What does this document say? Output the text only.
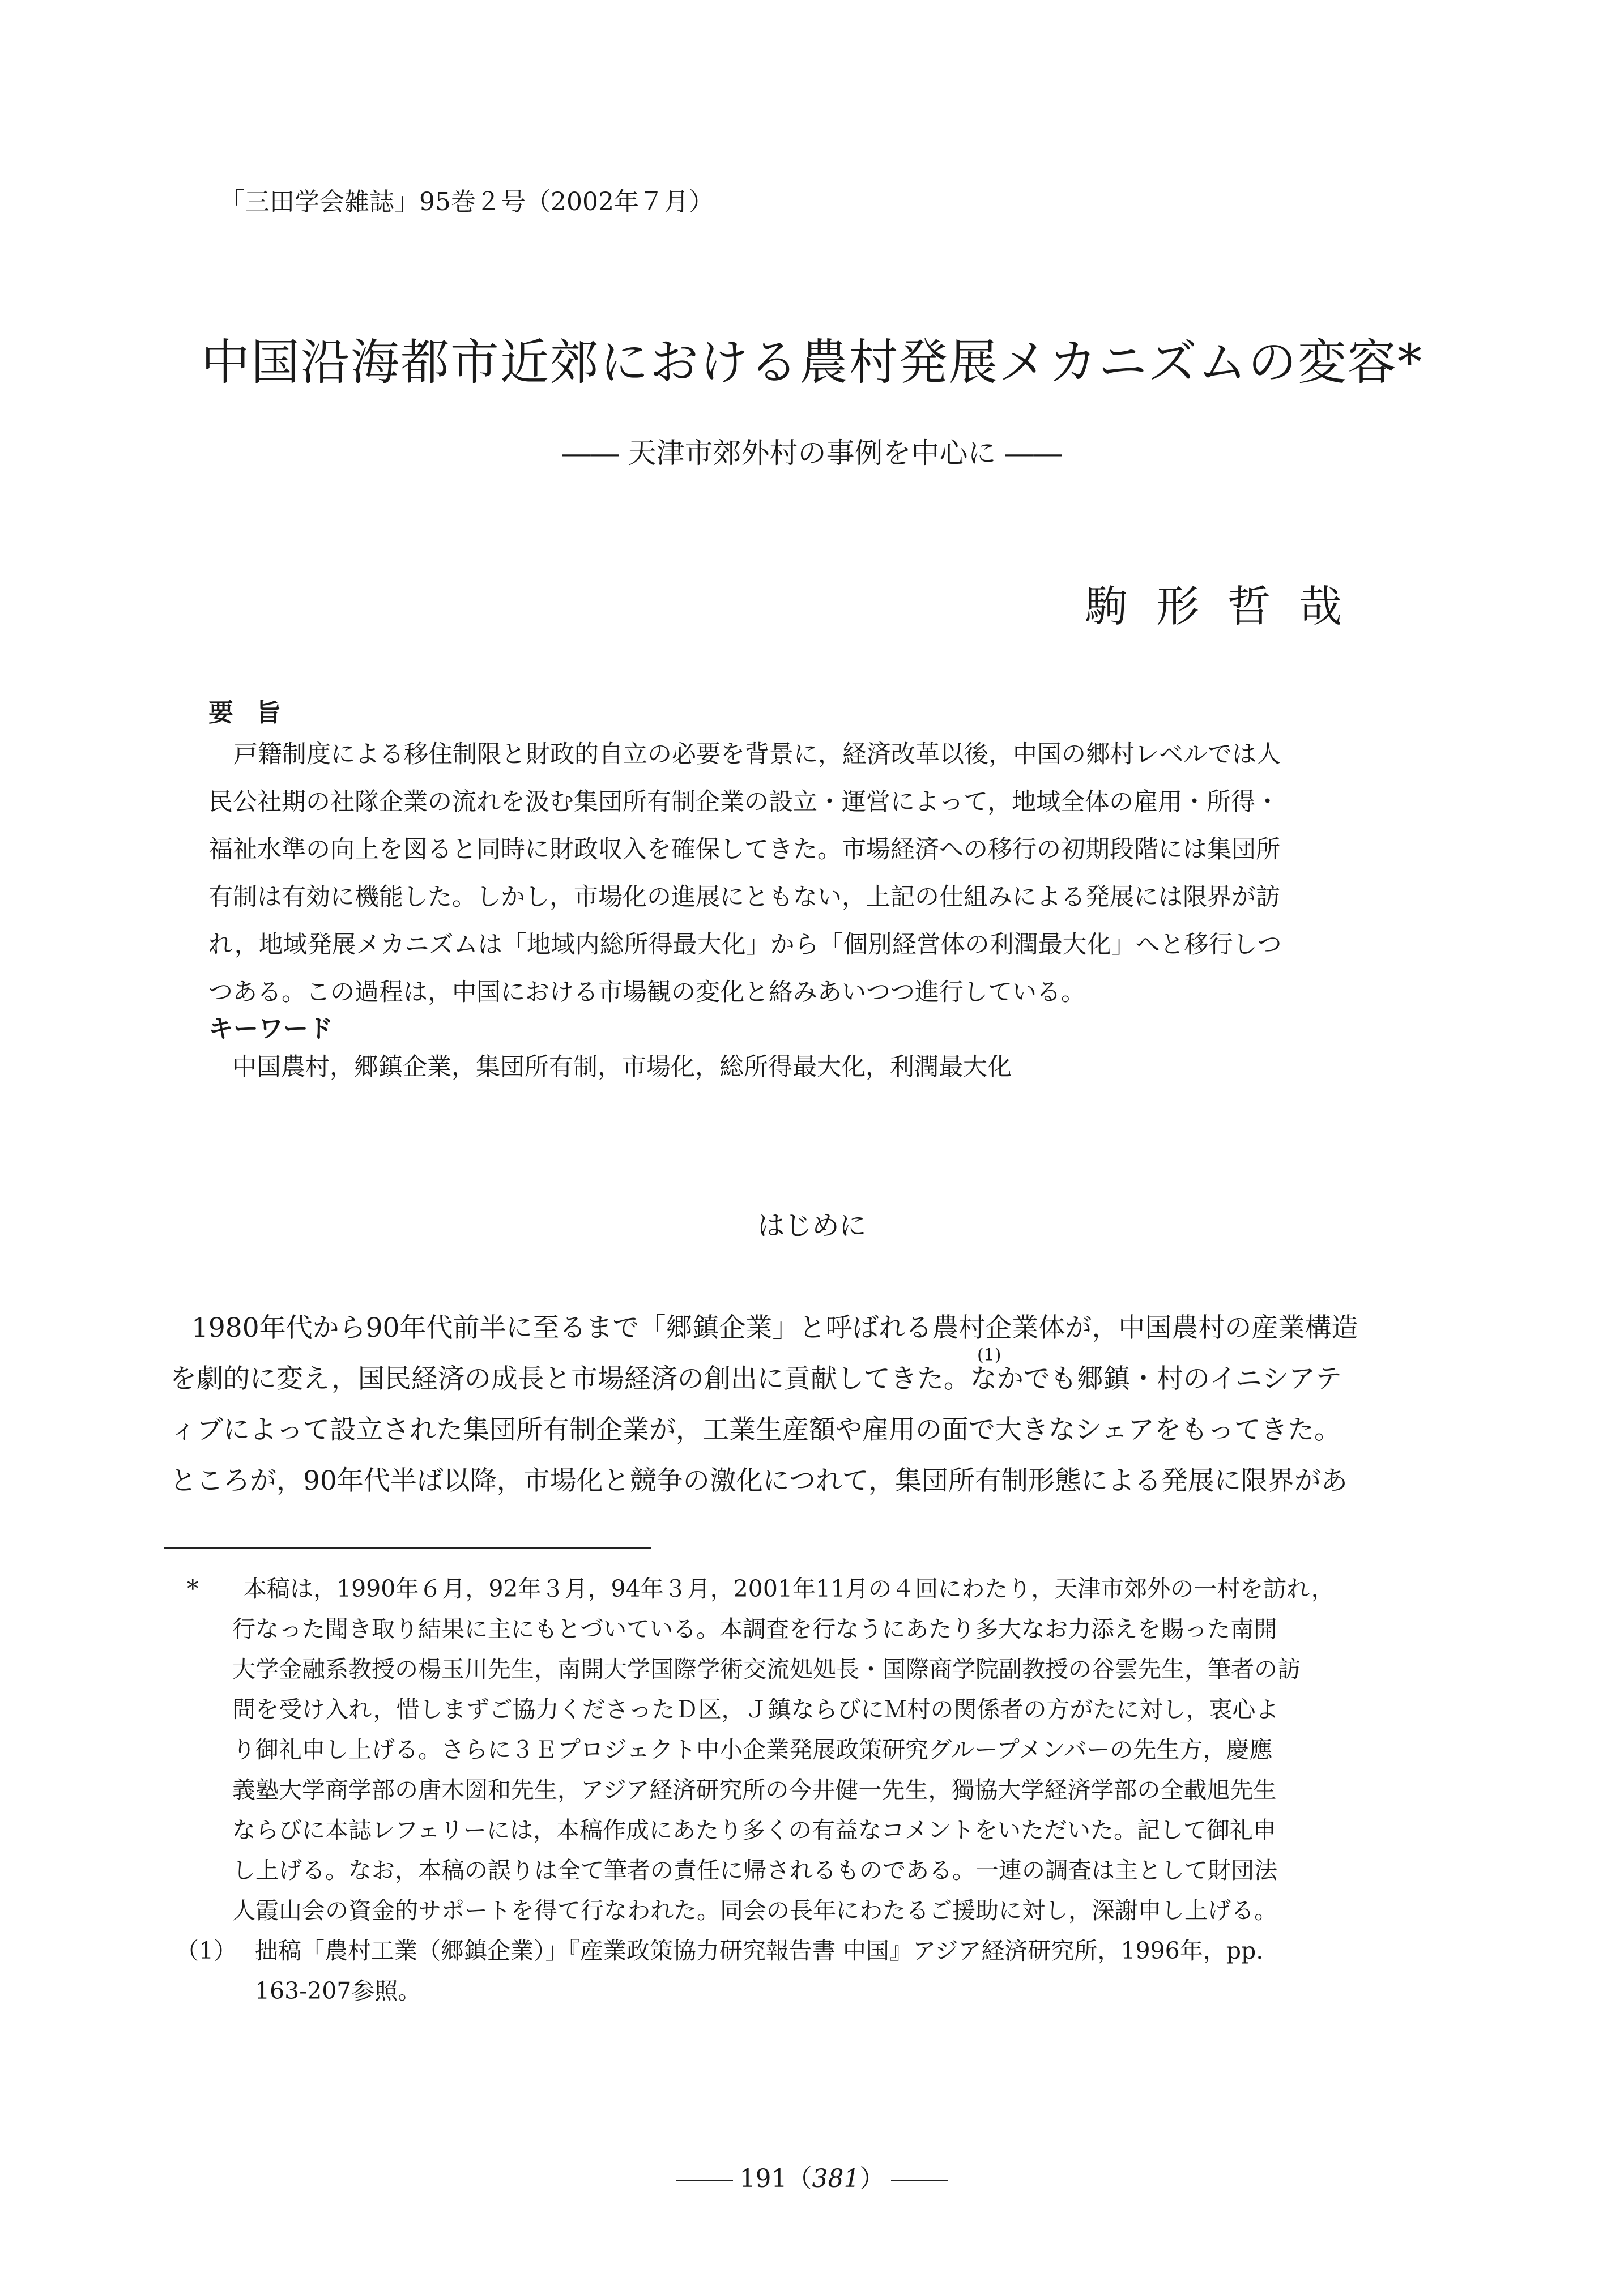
「三田学会雑誌」95巻２号（2002年７月）
中国沿海都市近郊における農村発展メカニズムの変容*
―― 天津市郊外村の事例を中心に ――
駒形哲哉
要旨
戸籍制度による移住制限と財政的自立の必要を背景に，経済改革以後，中国の郷村レベルでは人
民公社期の社隊企業の流れを汲む集団所有制企業の設立・運営によって，地域全体の雇用・所得・
福祉水準の向上を図ると同時に財政収入を確保してきた。市場経済への移行の初期段階には集団所
有制は有効に機能した。しかし，市場化の進展にともない，上記の仕組みによる発展には限界が訪
れ，地域発展メカニズムは「地域内総所得最大化」から「個別経営体の利潤最大化」へと移行しつ
つある。この過程は，中国における市場観の変化と絡みあいつつ進行している。
キーワード
中国農村，郷鎮企業，集団所有制，市場化，総所得最大化，利潤最大化
はじめに
1980年代から90年代前半に至るまで「郷鎮企業」と呼ばれる農村企業体が，中国農村の産業構造
を劇的に変え，国民経済の成長と市場経済の創出に貢献してきた。なかでも郷鎮・村のイニシアテ
(1)
ィブによって設立された集団所有制企業が，工業生産額や雇用の面で大きなシェアをもってきた。
ところが，90年代半ば以降，市場化と競争の激化につれて，集団所有制形態による発展に限界があ
* 本稿は，1990年６月，92年３月，94年３月，2001年11月の４回にわたり，天津市郊外の一村を訪れ，
行なった聞き取り結果に主にもとづいている。本調査を行なうにあたり多大なお力添えを賜った南開
大学金融系教授の楊玉川先生，南開大学国際学術交流処処長・国際商学院副教授の谷雲先生，筆者の訪
問を受け入れ，惜しまずご協力くださったＤ区，Ｊ鎮ならびにＭ村の関係者の方がたに対し，衷心よ
り御礼申し上げる。さらに３Ｅプロジェクト中小企業発展政策研究グループメンバーの先生方，慶應
義塾大学商学部の唐木圀和先生，アジア経済研究所の今井健一先生，獨協大学経済学部の全載旭先生
ならびに本誌レフェリーには，本稿作成にあたり多くの有益なコメントをいただいた。記して御礼申
し上げる。なお，本稿の誤りは全て筆者の責任に帰されるものである。一連の調査は主として財団法
人霞山会の資金的サポートを得て行なわれた。同会の長年にわたるご援助に対し，深謝申し上げる。
（1） 拙稿「農村工業（郷鎮企業）」『産業政策協力研究報告書 中国』アジア経済研究所，1996年，pp.
163-207参照。
191（381）
